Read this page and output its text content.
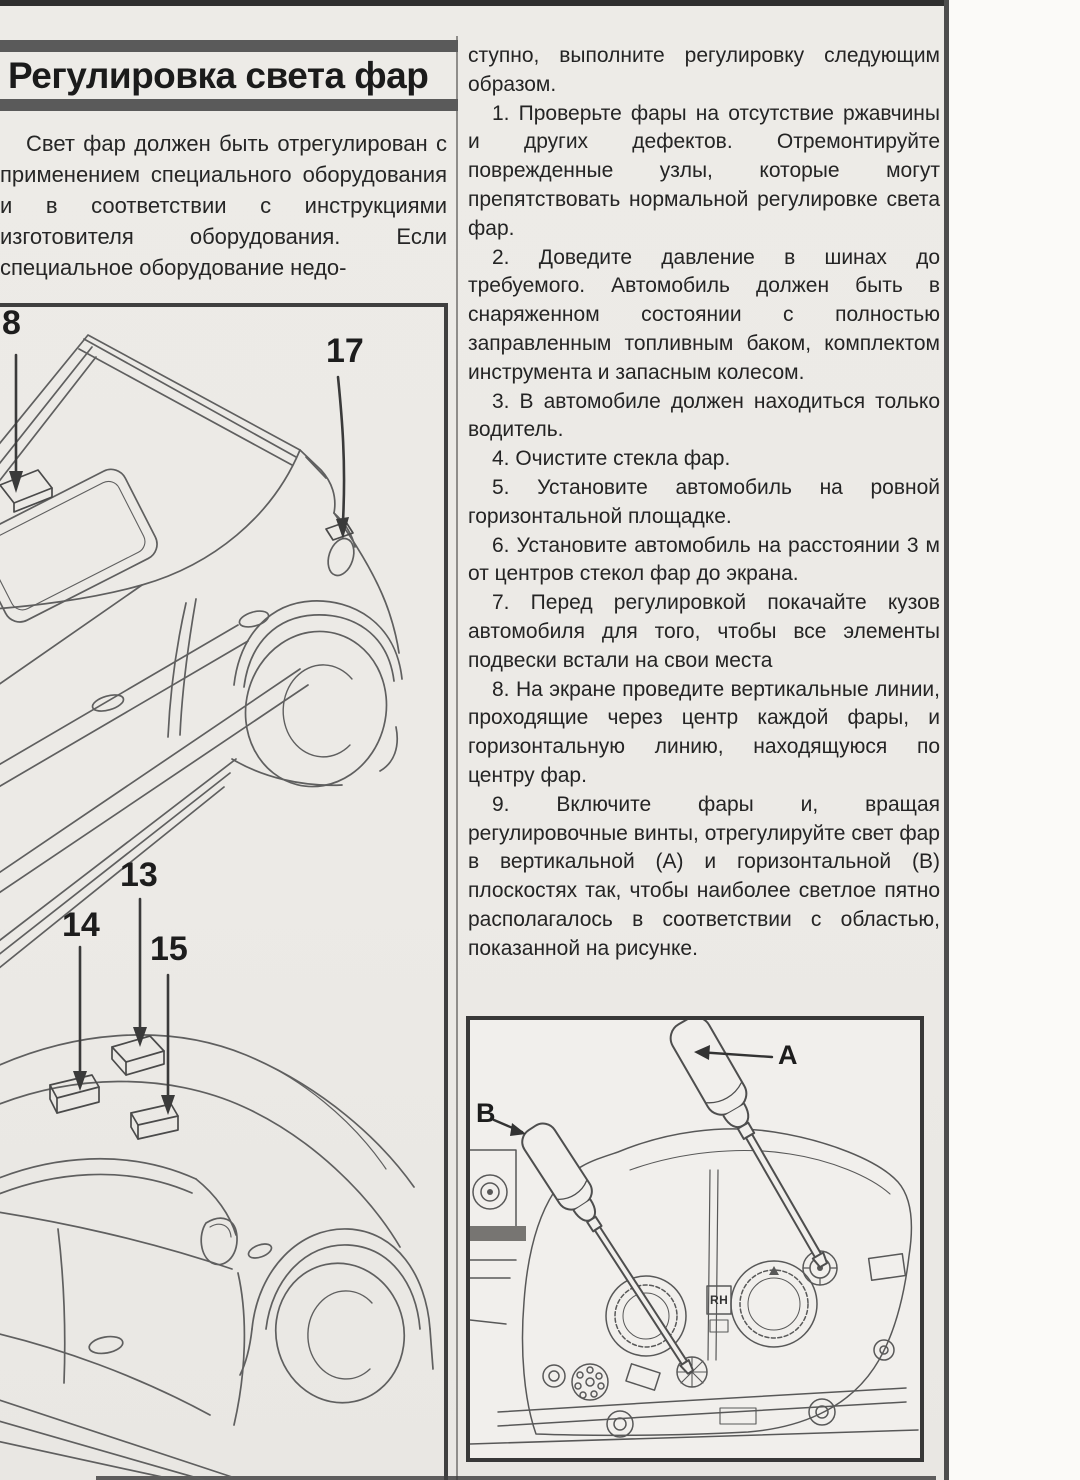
Регулировка света фар

Свет фар должен быть отрегулирован с применением специального оборудования и в соответствии с инструкциями изготовителя оборудования. Если специальное оборудование недо-

ступно, выполните регулировку следующим образом.

1. Проверьте фары на отсутствие ржавчины и других дефектов. Отремонтируйте поврежденные узлы, которые могут препятствовать нормальной регулировке света фар.

2. Доведите давление в шинах до требуемого. Автомобиль должен быть в снаряженном состоянии с полностью заправленным топливным баком, комплектом инструмента и запасным колесом.

3. В автомобиле должен находиться только водитель.

4. Очистите стекла фар.

5. Установите автомобиль на ровной горизонтальной площадке.

6. Установите автомобиль на расстоянии 3 м от центров стекол фар до экрана.

7. Перед регулировкой покачайте кузов автомобиля для того, чтобы все элементы подвески встали на свои места

8. На экране проведите вертикальные линии, проходящие через центр каждой фары, и горизонтальную линию, находящуюся по центру фар.

9. Включите фары и, вращая регулировочные винты, отрегулируйте свет фар в вертикальной (А) и горизонтальной (В) плоскостях так, чтобы наиболее светлое пятно располагалось в соответствии с областью, показанной на рисунке.

8
17
13
14
15
A
B
RH
